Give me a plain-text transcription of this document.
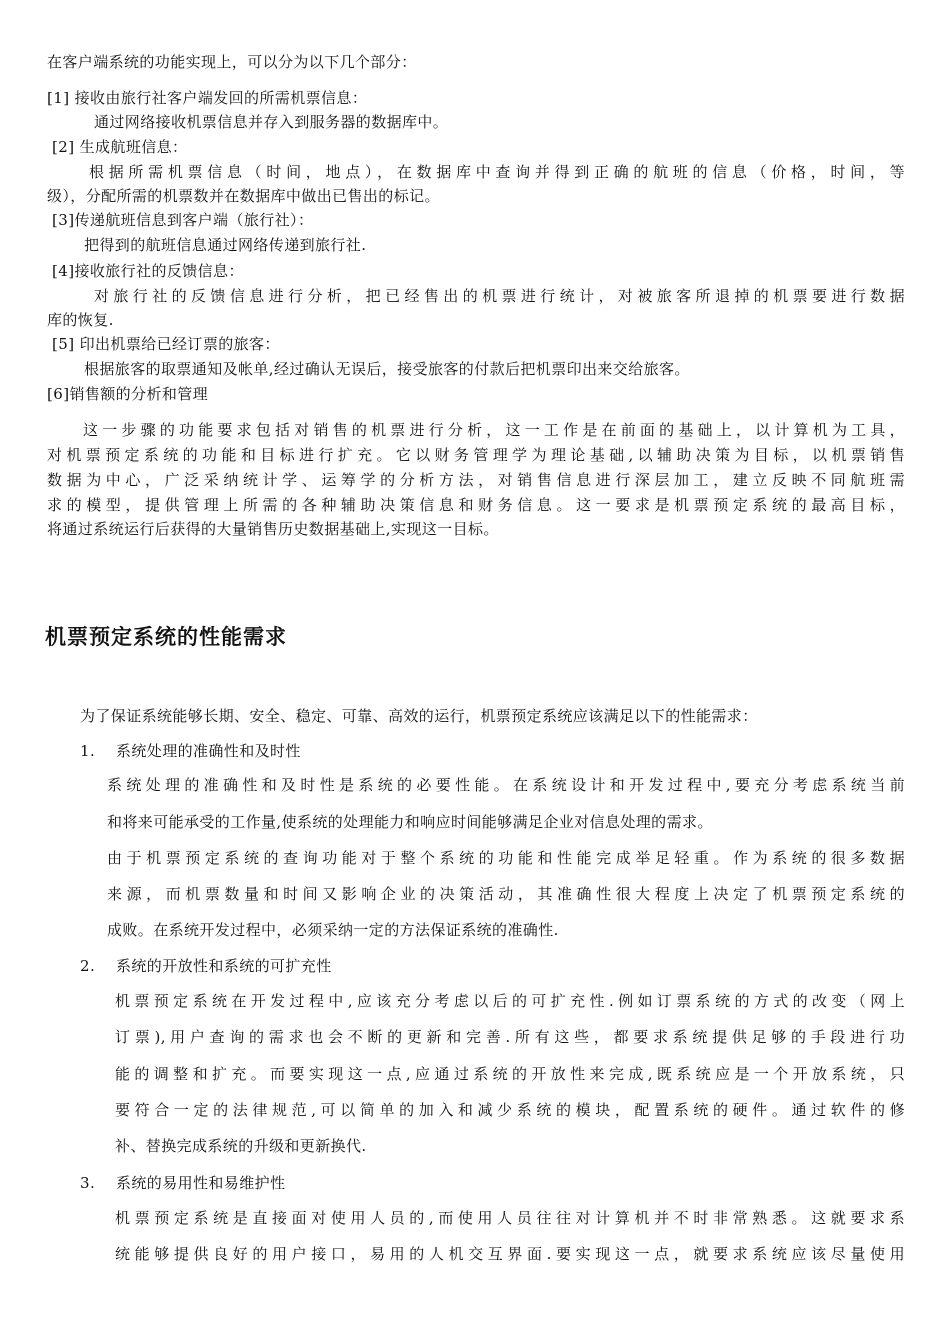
在客户端系统的功能实现上，可以分为以下几个部分：
[1] 接收由旅行社客户端发回的所需机票信息：
通过网络接收机票信息并存入到服务器的数据库中。
[2] 生成航班信息：
根据所需机票信息（时间，地点），在数据库中查询并得到正确的航班的信息（价格，时间，等
级），分配所需的机票数并在数据库中做出已售出的标记。
[3]传递航班信息到客户端（旅行社）：
把得到的航班信息通过网络传递到旅行社.
[4]接收旅行社的反馈信息：
对旅行社的反馈信息进行分析，把已经售出的机票进行统计，对被旅客所退掉的机票要进行数据
库的恢复.
[5] 印出机票给已经订票的旅客：
根据旅客的取票通知及帐单,经过确认无误后，接受旅客的付款后把机票印出来交给旅客。
[6]销售额的分析和管理
这一步骤的功能要求包括对销售的机票进行分析，这一工作是在前面的基础上，以计算机为工具，
对机票预定系统的功能和目标进行扩充。它以财务管理学为理论基础,以辅助决策为目标，以机票销售
数据为中心，广泛采纳统计学、运筹学的分析方法，对销售信息进行深层加工，建立反映不同航班需
求的模型，提供管理上所需的各种辅助决策信息和财务信息。这一要求是机票预定系统的最高目标，
将通过系统运行后获得的大量销售历史数据基础上,实现这一目标。
机票预定系统的性能需求
为了保证系统能够长期、安全、稳定、可靠、高效的运行，机票预定系统应该满足以下的性能需求：
1. 系统处理的准确性和及时性
系统处理的准确性和及时性是系统的必要性能。在系统设计和开发过程中,要充分考虑系统当前
和将来可能承受的工作量,使系统的处理能力和响应时间能够满足企业对信息处理的需求。
由于机票预定系统的查询功能对于整个系统的功能和性能完成举足轻重。作为系统的很多数据
来源，而机票数量和时间又影响企业的决策活动，其准确性很大程度上决定了机票预定系统的
成败。在系统开发过程中，必须采纳一定的方法保证系统的准确性.
2. 系统的开放性和系统的可扩充性
机票预定系统在开发过程中,应该充分考虑以后的可扩充性.例如订票系统的方式的改变（网上
订票),用户查询的需求也会不断的更新和完善.所有这些，都要求系统提供足够的手段进行功
能的调整和扩充。而要实现这一点,应通过系统的开放性来完成,既系统应是一个开放系统，只
要符合一定的法律规范,可以简单的加入和减少系统的模块，配置系统的硬件。通过软件的修
补、替换完成系统的升级和更新换代.
3. 系统的易用性和易维护性
机票预定系统是直接面对使用人员的,而使用人员往往对计算机并不时非常熟悉。这就要求系
统能够提供良好的用户接口，易用的人机交互界面.要实现这一点，就要求系统应该尽量使用
